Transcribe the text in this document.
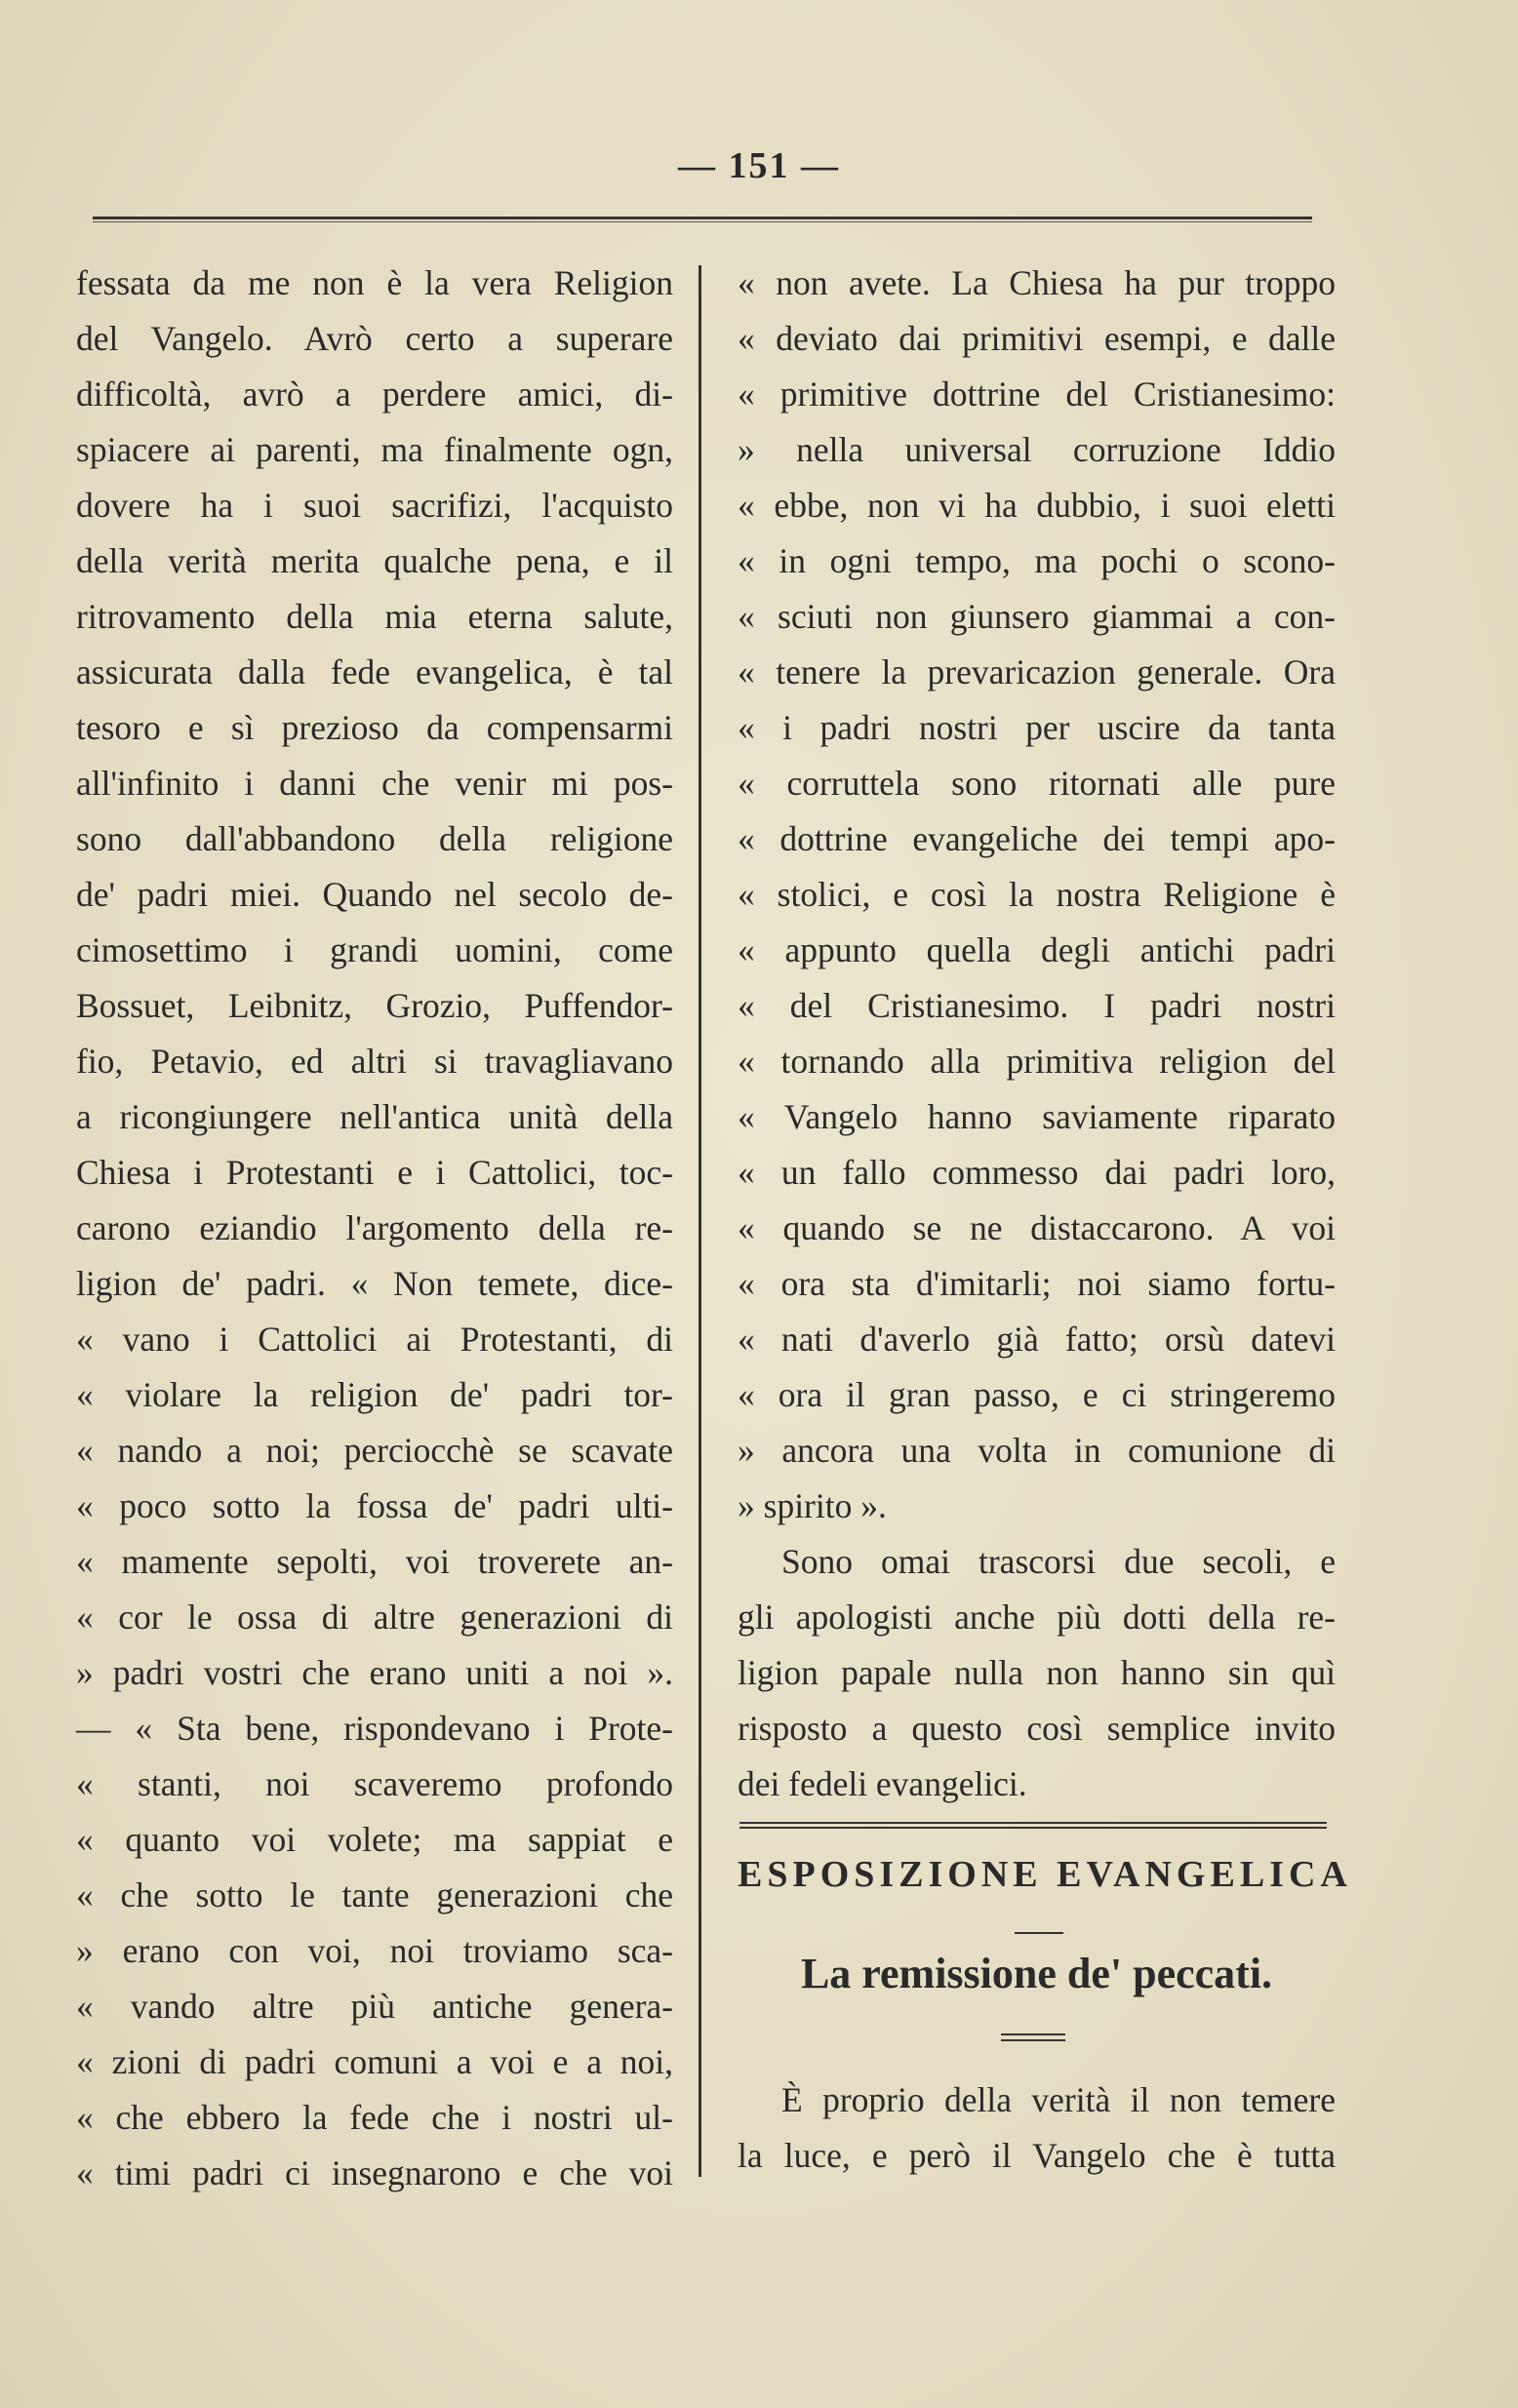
— 151 —
fessata da me non è la vera Religion
del Vangelo. Avrò certo a superare
difficoltà, avrò a perdere amici, di-
spiacere ai parenti, ma finalmente ogn,
dovere ha i suoi sacrifizi, l'acquisto
della verità merita qualche pena, e il
ritrovamento della mia eterna salute,
assicurata dalla fede evangelica, è tal
tesoro e sì prezioso da compensarmi
all'infinito i danni che venir mi pos-
sono dall'abbandono della religione
de' padri miei. Quando nel secolo de-
cimosettimo i grandi uomini, come
Bossuet, Leibnitz, Grozio, Puffendor-
fio, Petavio, ed altri si travagliavano
a ricongiungere nell'antica unità della
Chiesa i Protestanti e i Cattolici, toc-
carono eziandio l'argomento della re-
ligion de' padri. « Non temete, dice-
« vano i Cattolici ai Protestanti, di
« violare la religion de' padri tor-
« nando a noi; perciocchè se scavate
« poco sotto la fossa de' padri ulti-
« mamente sepolti, voi troverete an-
« cor le ossa di altre generazioni di
» padri vostri che erano uniti a noi ».
— « Sta bene, rispondevano i Prote-
« stanti, noi scaveremo profondo
« quanto voi volete; ma sappiat e
« che sotto le tante generazioni che
» erano con voi, noi troviamo sca-
« vando altre più antiche genera-
« zioni di padri comuni a voi e a noi,
« che ebbero la fede che i nostri ul-
« timi padri ci insegnarono e che voi
« non avete. La Chiesa ha pur troppo
« deviato dai primitivi esempi, e dalle
« primitive dottrine del Cristianesimo:
» nella universal corruzione Iddio
« ebbe, non vi ha dubbio, i suoi eletti
« in ogni tempo, ma pochi o scono-
« sciuti non giunsero giammai a con-
« tenere la prevaricazion generale. Ora
« i padri nostri per uscire da tanta
« corruttela sono ritornati alle pure
« dottrine evangeliche dei tempi apo-
« stolici, e così la nostra Religione è
« appunto quella degli antichi padri
« del Cristianesimo. I padri nostri
« tornando alla primitiva religion del
« Vangelo hanno saviamente riparato
« un fallo commesso dai padri loro,
« quando se ne distaccarono. A voi
« ora sta d'imitarli; noi siamo fortu-
« nati d'averlo già fatto; orsù datevi
« ora il gran passo, e ci stringeremo
» ancora una volta in comunione di
» spirito ».
Sono omai trascorsi due secoli, e
gli apologisti anche più dotti della re-
ligion papale nulla non hanno sin quì
risposto a questo così semplice invito
dei fedeli evangelici.
ESPOSIZIONE EVANGELICA
La remissione de' peccati.
È proprio della verità il non temere
la luce, e però il Vangelo che è tutta
